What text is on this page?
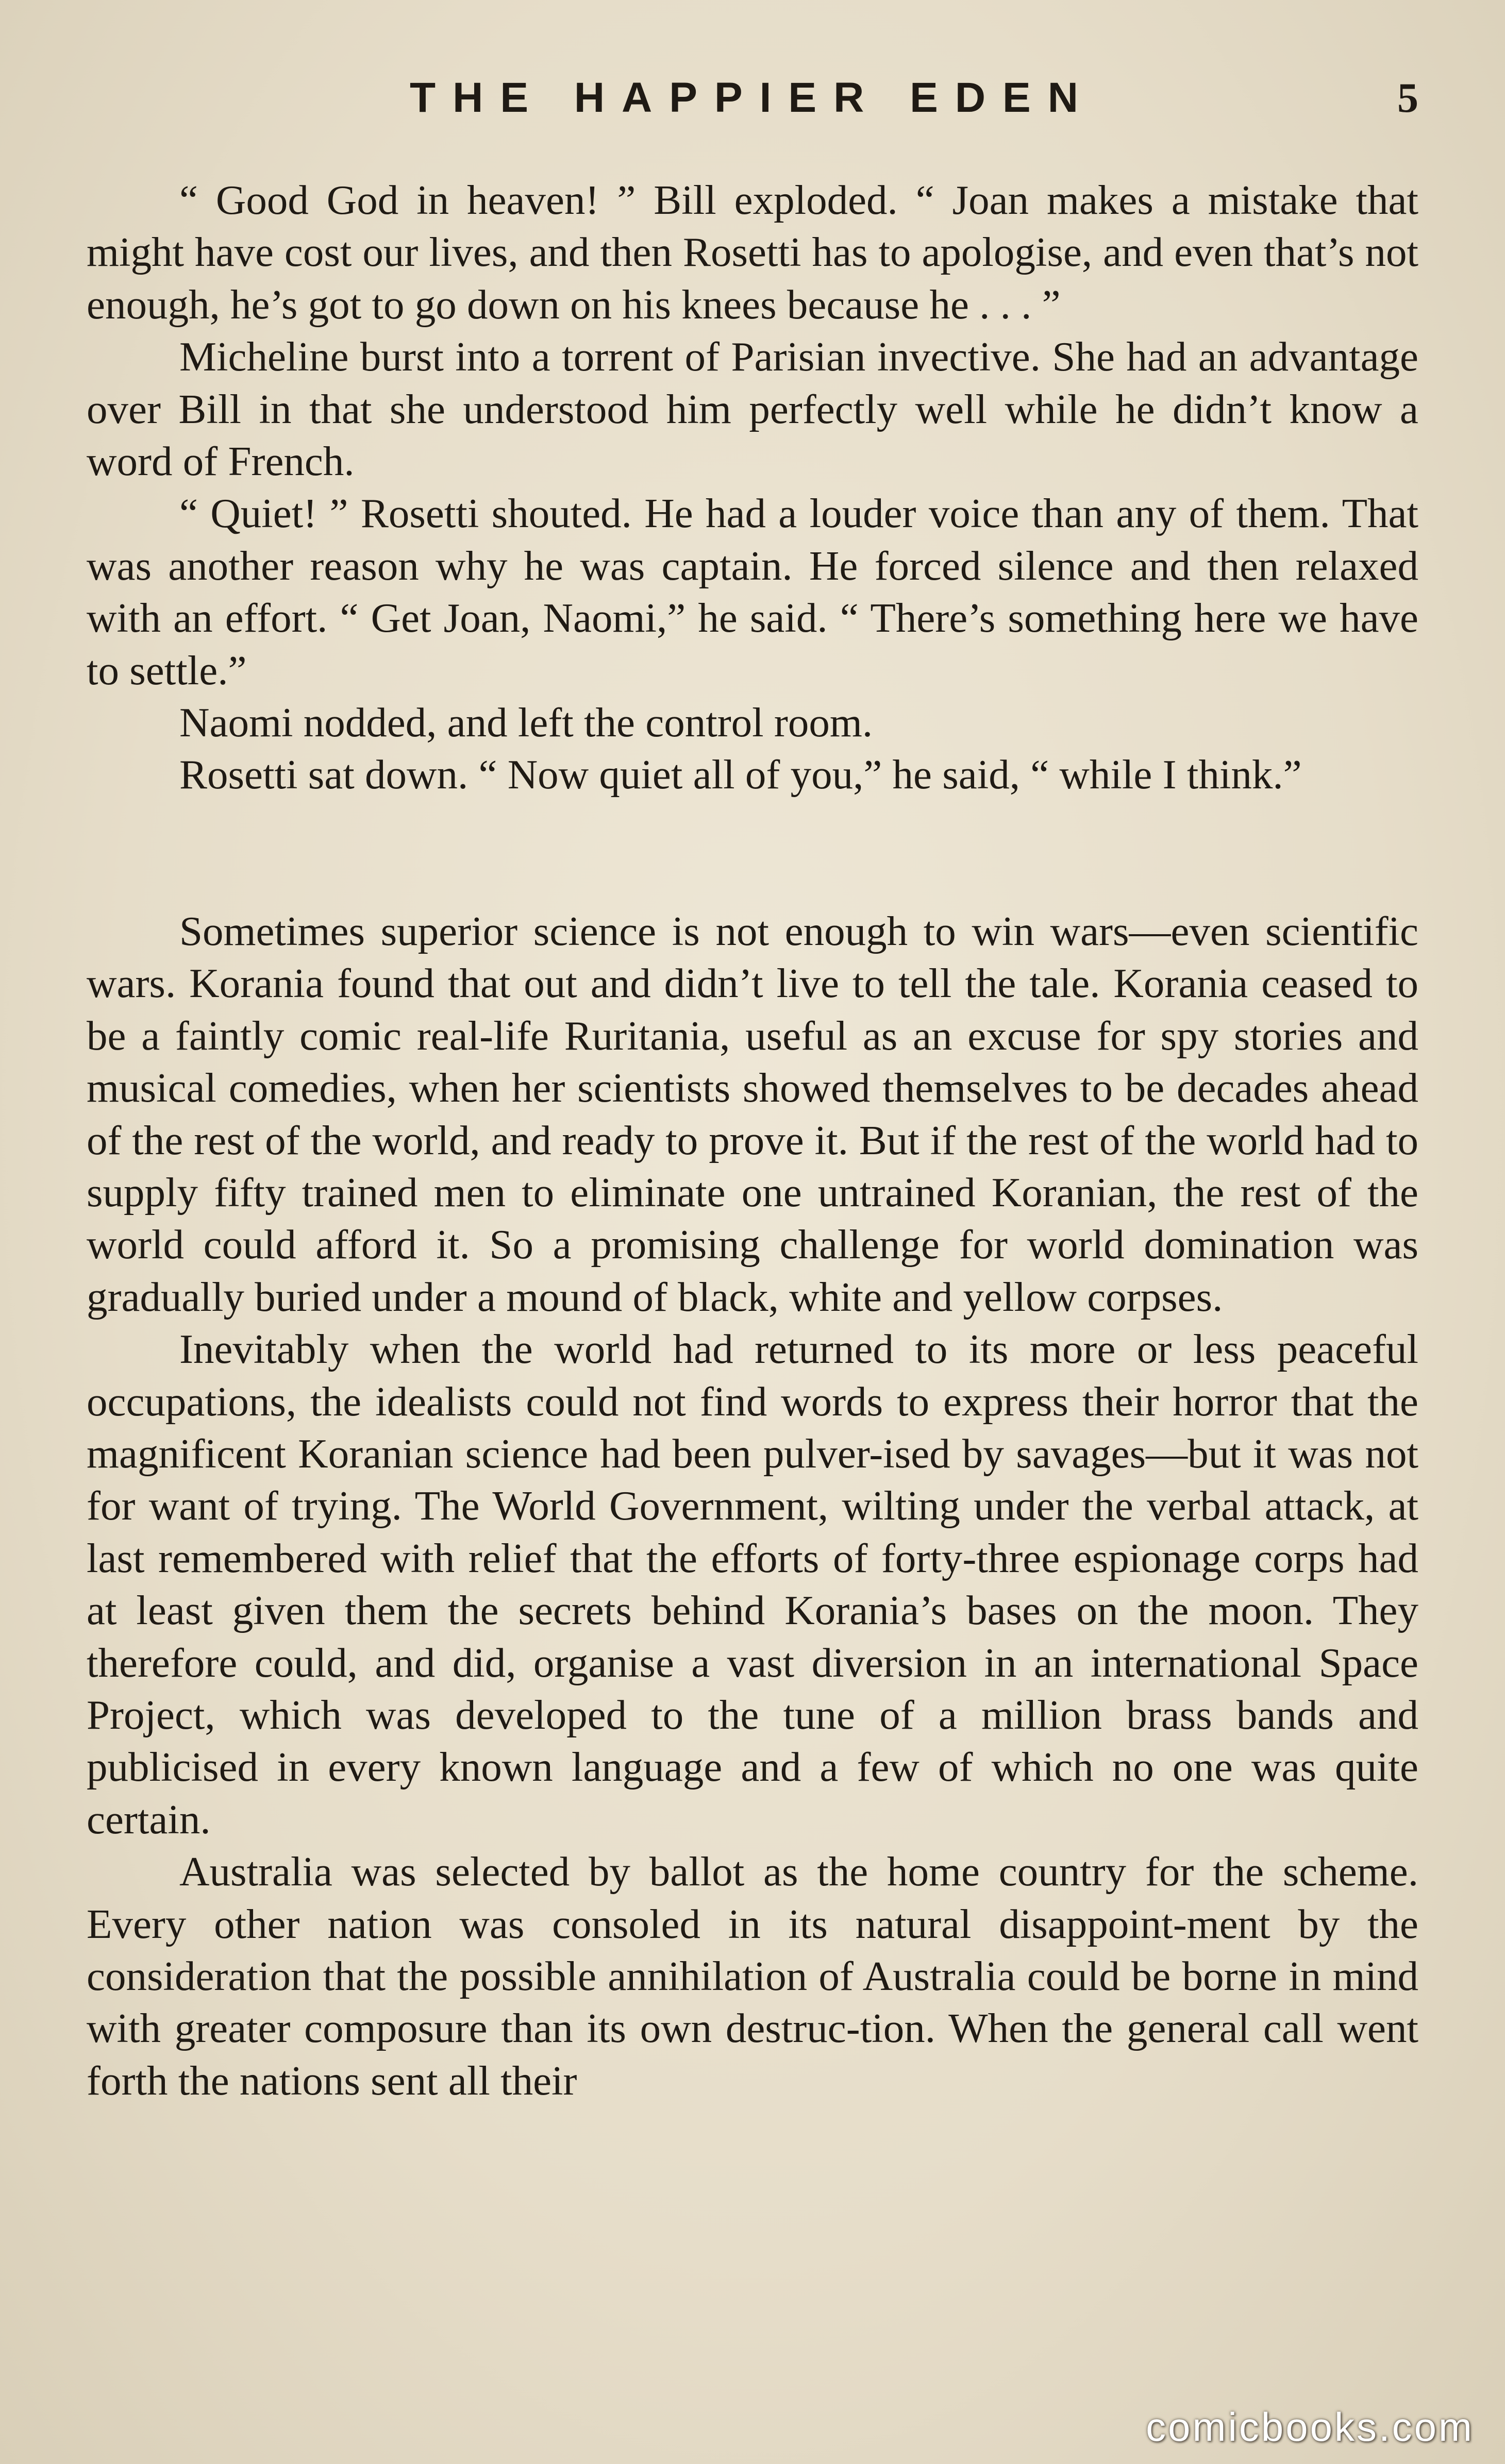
THE HAPPIER EDEN	5

“ Good God in heaven! ” Bill exploded. “ Joan makes a mistake that might have cost our lives, and then Rosetti has to apologise, and even that’s not enough, he’s got to go down on his knees because he . . . ”

Micheline burst into a torrent of Parisian invective. She had an advantage over Bill in that she understood him perfectly well while he didn’t know a word of French.

“ Quiet! ” Rosetti shouted. He had a louder voice than any of them. That was another reason why he was captain. He forced silence and then relaxed with an effort. “ Get Joan, Naomi,” he said. “ There’s something here we have to settle.”

Naomi nodded, and left the control room.

Rosetti sat down. “ Now quiet all of you,” he said, “ while I think.”

Sometimes superior science is not enough to win wars—even scientific wars. Korania found that out and didn’t live to tell the tale. Korania ceased to be a faintly comic real-life Ruritania, useful as an excuse for spy stories and musical comedies, when her scientists showed themselves to be decades ahead of the rest of the world, and ready to prove it. But if the rest of the world had to supply fifty trained men to eliminate one untrained Koranian, the rest of the world could afford it. So a promising challenge for world domination was gradually buried under a mound of black, white and yellow corpses.

Inevitably when the world had returned to its more or less peaceful occupations, the idealists could not find words to express their horror that the magnificent Koranian science had been pulver-ised by savages—but it was not for want of trying. The World Government, wilting under the verbal attack, at last remembered with relief that the efforts of forty-three espionage corps had at least given them the secrets behind Korania’s bases on the moon. They therefore could, and did, organise a vast diversion in an international Space Project, which was developed to the tune of a million brass bands and publicised in every known language and a few of which no one was quite certain.

Australia was selected by ballot as the home country for the scheme. Every other nation was consoled in its natural disappoint-ment by the consideration that the possible annihilation of Australia could be borne in mind with greater composure than its own destruc-tion. When the general call went forth the nations sent all their

comicbooks.com
